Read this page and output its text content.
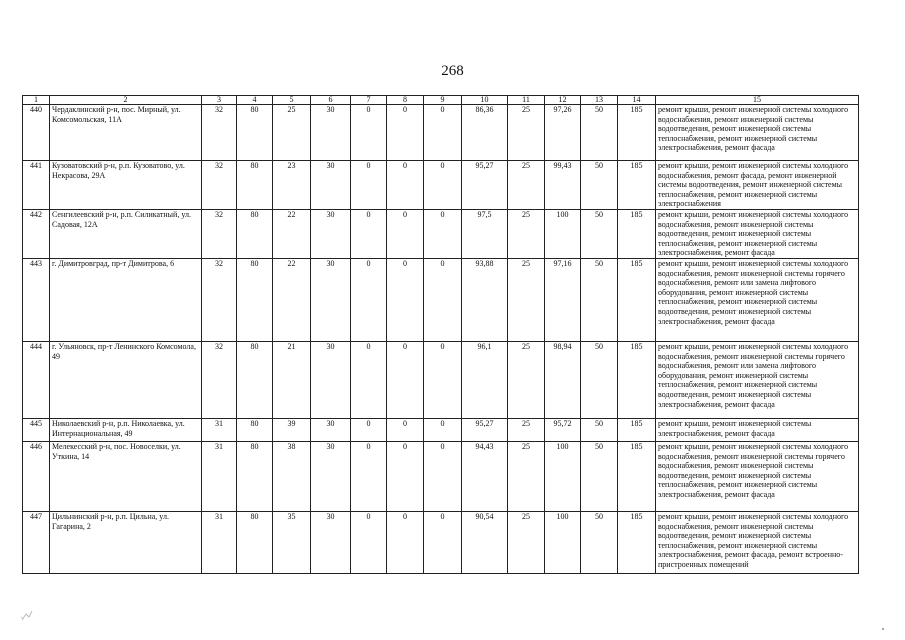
268
1	2	3	4	5	6	7	8	9	10	11	12	13	14	15
440	Чердаклинский р-н, пос. Мирный, ул. Комсомольская, 11А	32	80	25	30	0	0	0	86,36	25	97,26	50	185	ремонт крыши, ремонт инженерной системы холодного водоснабжения, ремонт инженерной системы водоотведения, ремонт инженерной системы теплоснабжения, ремонт инженерной системы электроснабжения, ремонт фасада
441	Кузоватовский р-н, р.п. Кузоватово, ул. Некрасова, 29А	32	80	23	30	0	0	0	95,27	25	99,43	50	185	ремонт крыши, ремонт инженерной системы холодного водоснабжения, ремонт фасада, ремонт инженерной системы водоотведения, ремонт инженерной системы теплоснабжения, ремонт инженерной системы электроснабжения
442	Сенгилеевский р-н, р.п. Силикатный, ул. Садовая, 12А	32	80	22	30	0	0	0	97,5	25	100	50	185	ремонт крыши, ремонт инженерной системы холодного водоснабжения, ремонт инженерной системы водоотведения, ремонт инженерной системы теплоснабжения, ремонт инженерной системы электроснабжения, ремонт фасада
443	г. Димитровград, пр-т Димитрова, 6	32	80	22	30	0	0	0	93,88	25	97,16	50	185	ремонт крыши, ремонт инженерной системы холодного водоснабжения, ремонт инженерной системы горячего водоснабжения, ремонт или замена лифтового оборудования, ремонт инженерной системы теплоснабжения, ремонт инженерной системы водоотведения, ремонт инженерной системы электроснабжения, ремонт фасада
444	г. Ульяновск, пр-т Ленинского Комсомола, 49	32	80	21	30	0	0	0	96,1	25	98,94	50	185	ремонт крыши, ремонт инженерной системы холодного водоснабжения, ремонт инженерной системы горячего водоснабжения, ремонт или замена лифтового оборудования, ремонт инженерной системы теплоснабжения, ремонт инженерной системы водоотведения, ремонт инженерной системы электроснабжения, ремонт фасада
445	Николаевский р-н, р.п. Николаевка, ул. Интернациональная, 49	31	80	39	30	0	0	0	95,27	25	95,72	50	185	ремонт крыши, ремонт инженерной системы электроснабжения, ремонт фасада
446	Мелекесский р-н, пос. Новоселки, ул. Уткина, 14	31	80	38	30	0	0	0	94,43	25	100	50	185	ремонт крыши, ремонт инженерной системы холодного водоснабжения, ремонт инженерной системы горячего водоснабжения, ремонт инженерной системы водоотведения, ремонт инженерной системы теплоснабжения, ремонт инженерной системы электроснабжения, ремонт фасада
447	Цильнинский р-н, р.п. Цильна, ул. Гагарина, 2	31	80	35	30	0	0	0	90,54	25	100	50	185	ремонт крыши, ремонт инженерной системы холодного водоснабжения, ремонт инженерной системы водоотведения, ремонт инженерной системы теплоснабжения, ремонт инженерной системы электроснабжения, ремонт фасада, ремонт встроенно-пристроенных помещений
